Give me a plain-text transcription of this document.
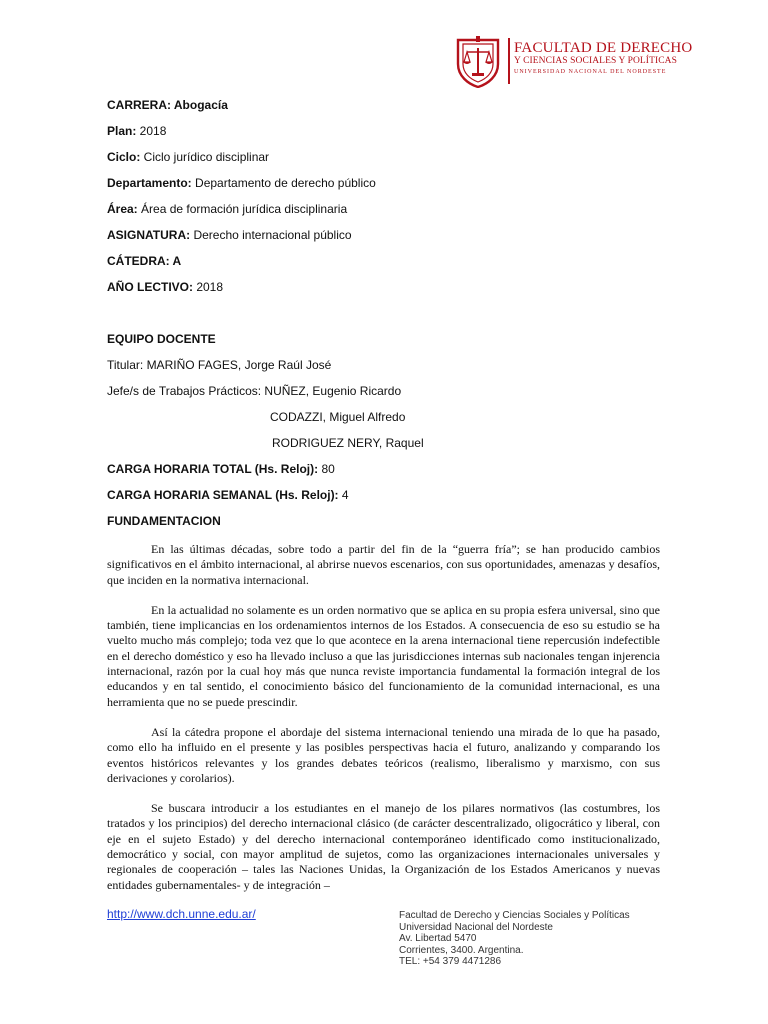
FACULTAD DE DERECHO
Y CIENCIAS SOCIALES Y POLÍTICAS
UNIVERSIDAD NACIONAL DEL NORDESTE
CARRERA: Abogacía
Plan: 2018
Ciclo: Ciclo jurídico disciplinar
Departamento: Departamento de derecho público
Área: Área de formación jurídica disciplinaria
ASIGNATURA: Derecho internacional público
CÁTEDRA: A
AÑO LECTIVO: 2018
EQUIPO DOCENTE
Titular: MARIÑO FAGES, Jorge Raúl José
Jefe/s de Trabajos Prácticos: NUÑEZ, Eugenio Ricardo
CODAZZI, Miguel Alfredo
RODRIGUEZ NERY, Raquel
CARGA HORARIA TOTAL (Hs. Reloj): 80
CARGA HORARIA SEMANAL (Hs. Reloj): 4
FUNDAMENTACION

En las últimas décadas, sobre todo a partir del fin de la “guerra fría”; se han producido cambios significativos en el ámbito internacional, al abrirse nuevos escenarios, con sus oportunidades, amenazas y desafíos, que inciden en la normativa internacional.

En la actualidad no solamente es un orden normativo que se aplica en su propia esfera universal, sino que también, tiene implicancias en los ordenamientos internos de los Estados. A consecuencia de eso su estudio se ha vuelto mucho más complejo; toda vez que lo que acontece en la arena internacional tiene repercusión indefectible en el derecho doméstico y eso ha llevado incluso a que las jurisdicciones internas sub nacionales tengan injerencia internacional, razón por la cual hoy más que nunca reviste importancia fundamental la formación integral de los educandos y en tal sentido, el conocimiento básico del funcionamiento de la comunidad internacional, es una herramienta que no se puede prescindir.

Así la cátedra propone el abordaje del sistema internacional teniendo una mirada de lo que ha pasado, como ello ha influido en el presente y las posibles perspectivas hacia el futuro, analizando y comparando los eventos históricos relevantes y los grandes debates teóricos (realismo, liberalismo y marxismo, con sus derivaciones y corolarios).

Se buscara introducir a los estudiantes en el manejo de los pilares normativos (las costumbres, los tratados y los principios) del derecho internacional clásico (de carácter descentralizado, oligocrático y liberal, con eje en el sujeto Estado) y del derecho internacional contemporáneo identificado como institucionalizado, democrático y social, con mayor amplitud de sujetos, como las organizaciones internacionales universales y regionales de cooperación – tales las Naciones Unidas, la Organización de los Estados Americanos y nuevas entidades gubernamentales- y de integración –

http://www.dch.unne.edu.ar/	Facultad de Derecho y Ciencias Sociales y Políticas
Universidad Nacional del Nordeste
Av. Libertad 5470
Corrientes, 3400. Argentina.
TEL: +54 379 4471286
